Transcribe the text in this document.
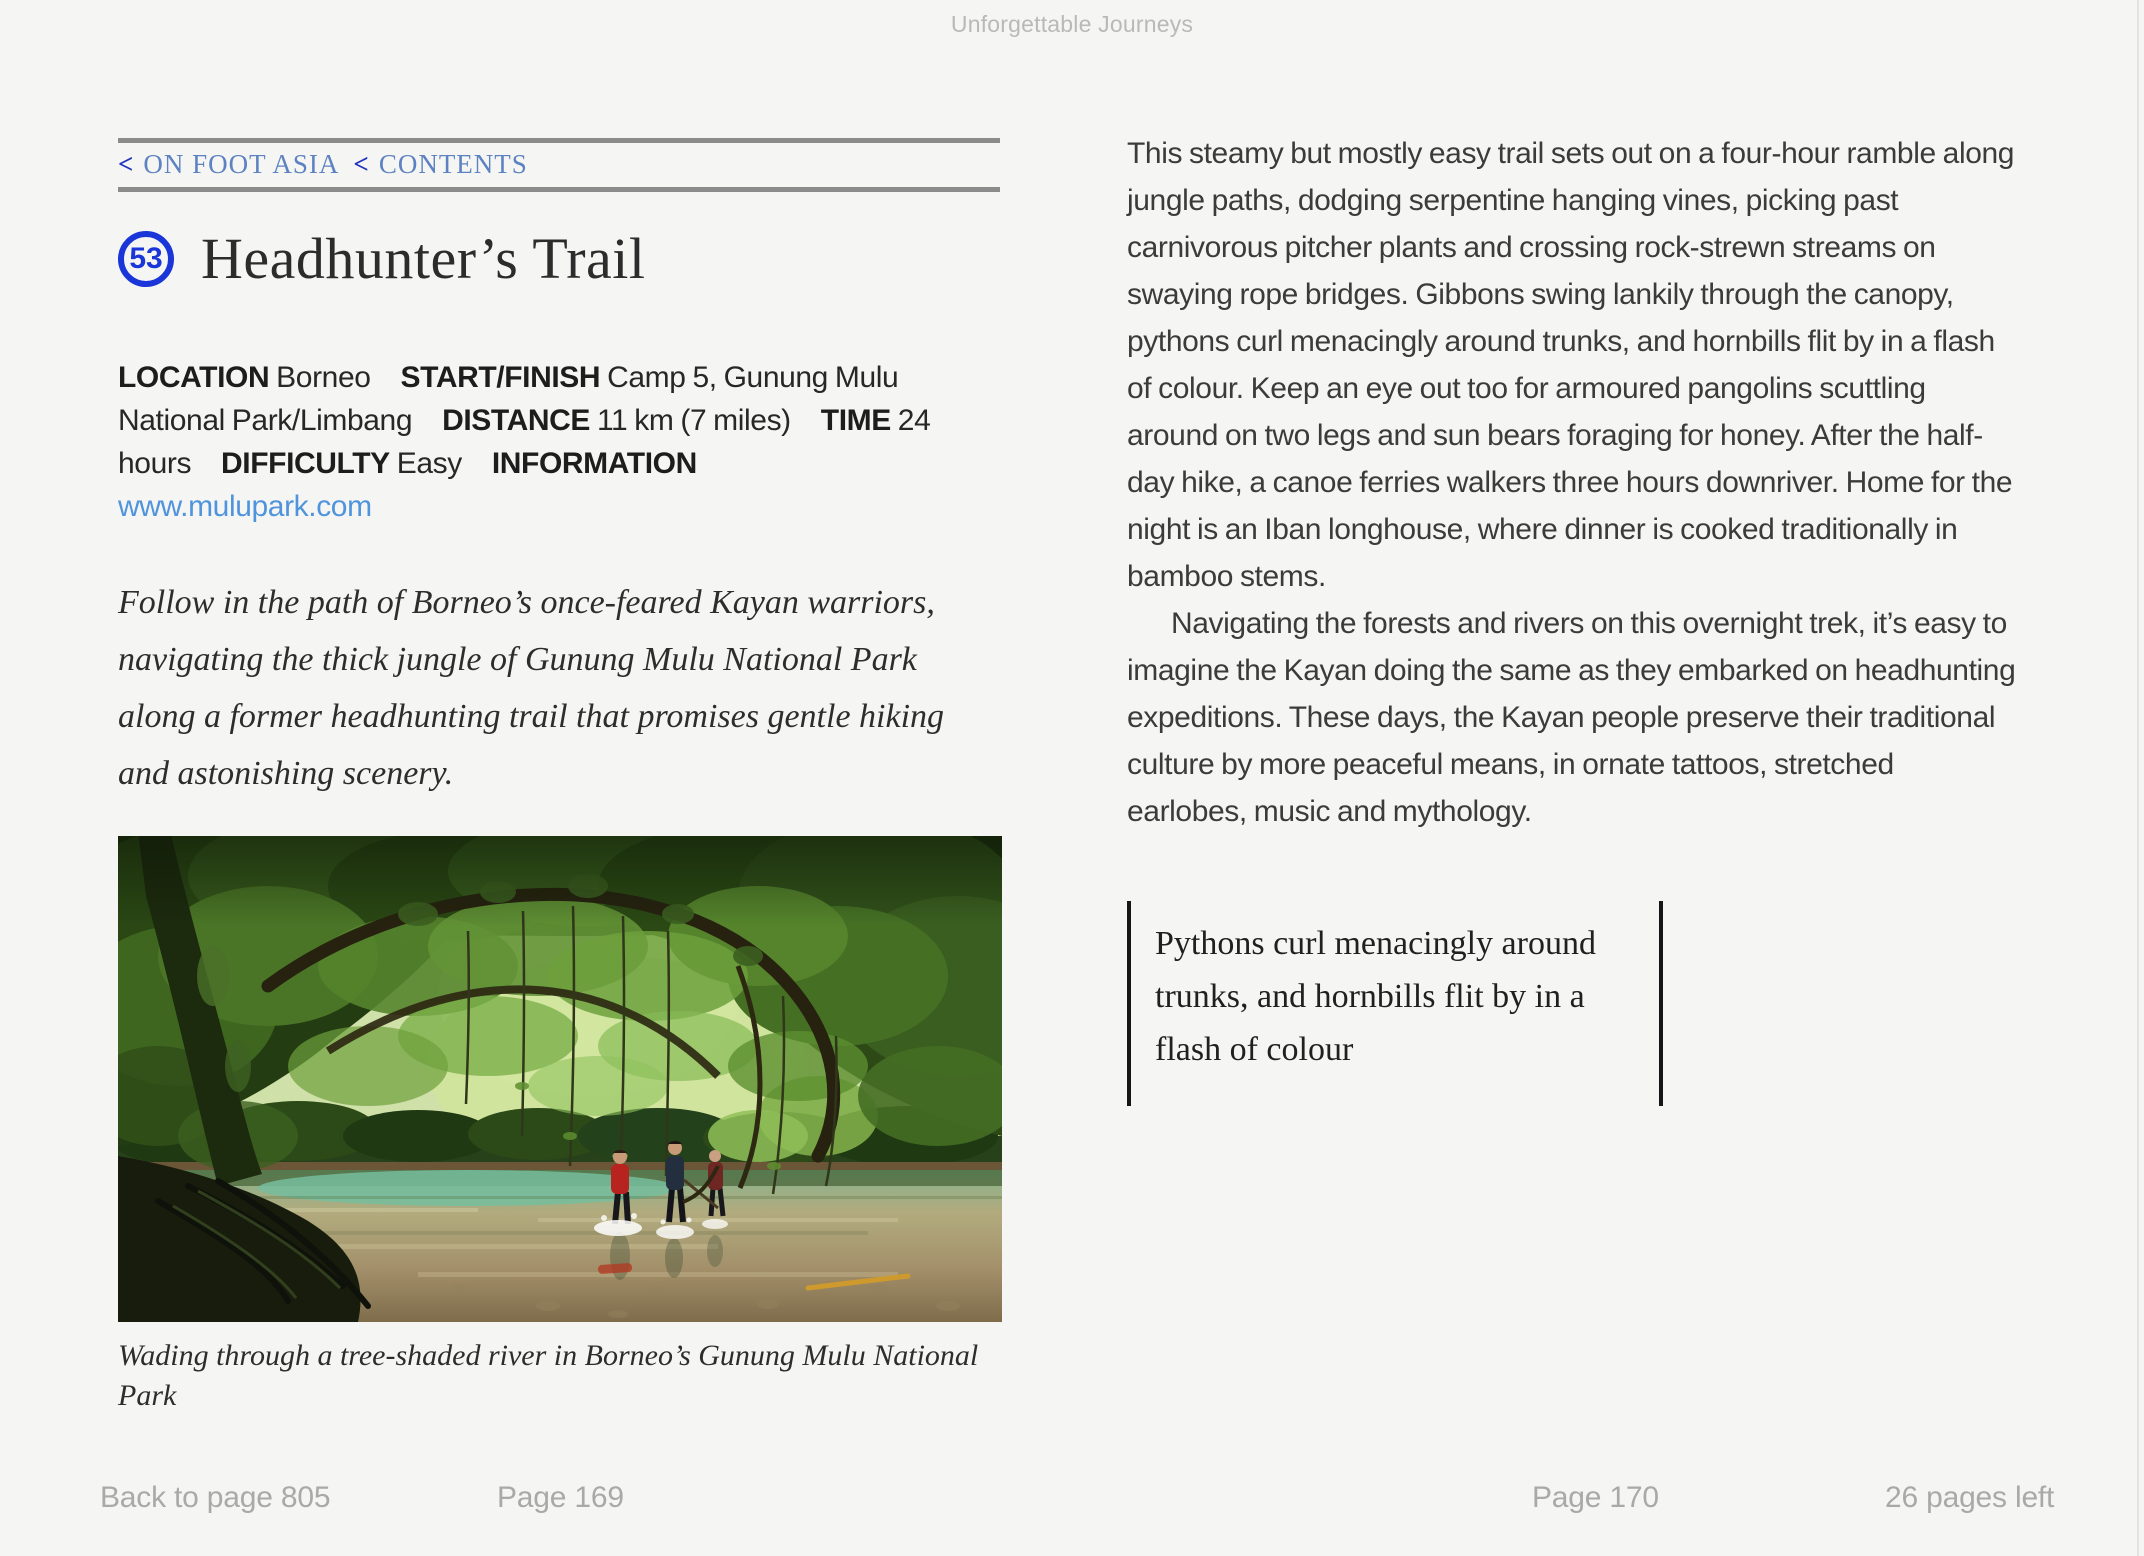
Unforgettable Journeys
< ON FOOT ASIA < CONTENTS
53 Headhunter’s Trail
LOCATION Borneo START/FINISH Camp 5, Gunung Mulu
National Park/Limbang DISTANCE 11 km (7 miles) TIME 24
hours DIFFICULTY Easy INFORMATION
www.mulupark.com

Follow in the path of Borneo’s once-feared Kayan warriors, navigating the thick jungle of Gunung Mulu National Park along a former headhunting trail that promises gentle hiking and astonishing scenery.

Wading through a tree-shaded river in Borneo’s Gunung Mulu National Park

This steamy but mostly easy trail sets out on a four-hour ramble along jungle paths, dodging serpentine hanging vines, picking past carnivorous pitcher plants and crossing rock-strewn streams on swaying rope bridges. Gibbons swing lankily through the canopy, pythons curl menacingly around trunks, and hornbills flit by in a flash of colour. Keep an eye out too for armoured pangolins scuttling around on two legs and sun bears foraging for honey. After the half-day hike, a canoe ferries walkers three hours downriver. Home for the night is an Iban longhouse, where dinner is cooked traditionally in bamboo stems.

Navigating the forests and rivers on this overnight trek, it’s easy to imagine the Kayan doing the same as they embarked on headhunting expeditions. These days, the Kayan people preserve their traditional culture by more peaceful means, in ornate tattoos, stretched earlobes, music and mythology.

Pythons curl menacingly around trunks, and hornbills flit by in a flash of colour
Back to page 805	Page 169	Page 170	26 pages left
